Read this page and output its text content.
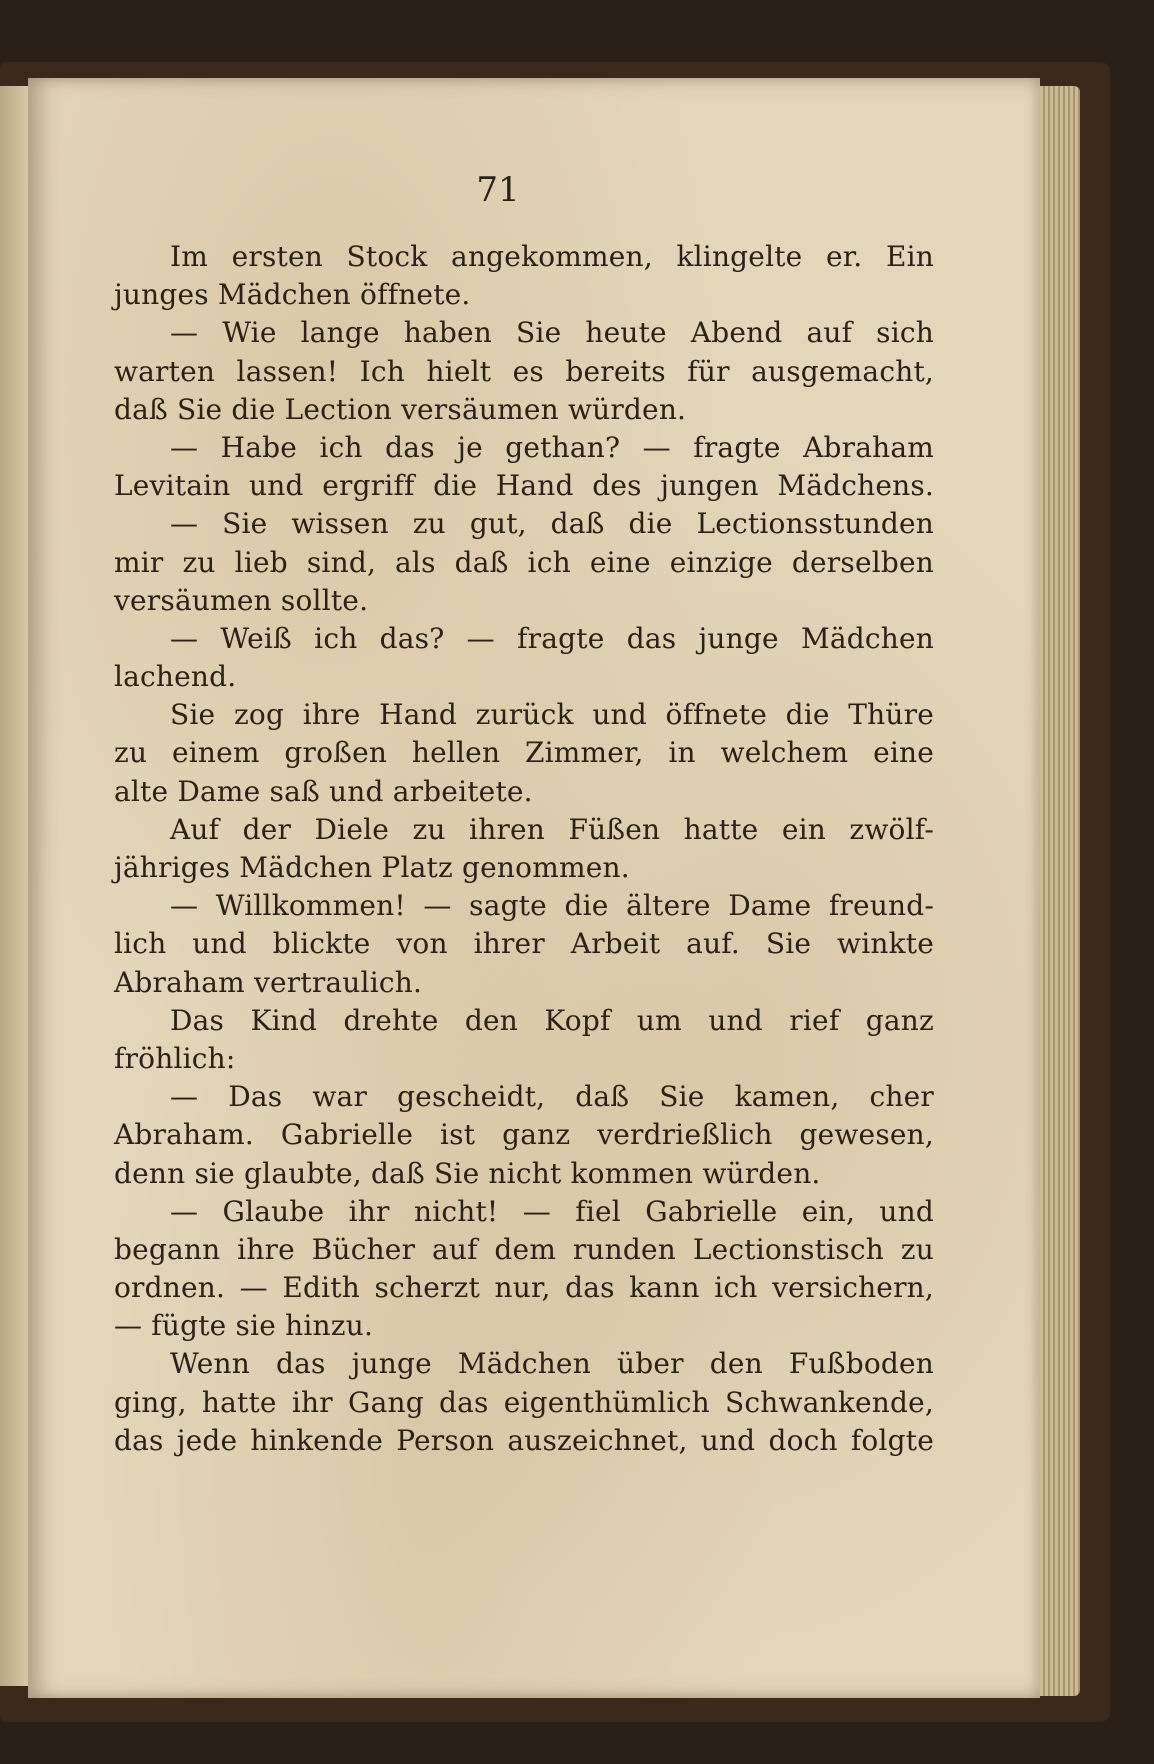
71
Im ersten Stock angekommen, klingelte er. Ein
junges Mädchen öffnete.
— Wie lange haben Sie heute Abend auf sich
warten lassen! Ich hielt es bereits für ausgemacht,
daß Sie die Lection versäumen würden.
— Habe ich das je gethan? — fragte Abraham
Levitain und ergriff die Hand des jungen Mädchens.
— Sie wissen zu gut, daß die Lectionsstunden
mir zu lieb sind, als daß ich eine einzige derselben
versäumen sollte.
— Weiß ich das? — fragte das junge Mädchen
lachend.
Sie zog ihre Hand zurück und öffnete die Thüre
zu einem großen hellen Zimmer, in welchem eine
alte Dame saß und arbeitete.
Auf der Diele zu ihren Füßen hatte ein zwölf-
jähriges Mädchen Platz genommen.
— Willkommen! — sagte die ältere Dame freund-
lich und blickte von ihrer Arbeit auf. Sie winkte
Abraham vertraulich.
Das Kind drehte den Kopf um und rief ganz
fröhlich:
— Das war gescheidt, daß Sie kamen, cher
Abraham. Gabrielle ist ganz verdrießlich gewesen,
denn sie glaubte, daß Sie nicht kommen würden.
— Glaube ihr nicht! — fiel Gabrielle ein, und
begann ihre Bücher auf dem runden Lectionstisch zu
ordnen. — Edith scherzt nur, das kann ich versichern,
— fügte sie hinzu.
Wenn das junge Mädchen über den Fußboden
ging, hatte ihr Gang das eigenthümlich Schwankende,
das jede hinkende Person auszeichnet, und doch folgte
